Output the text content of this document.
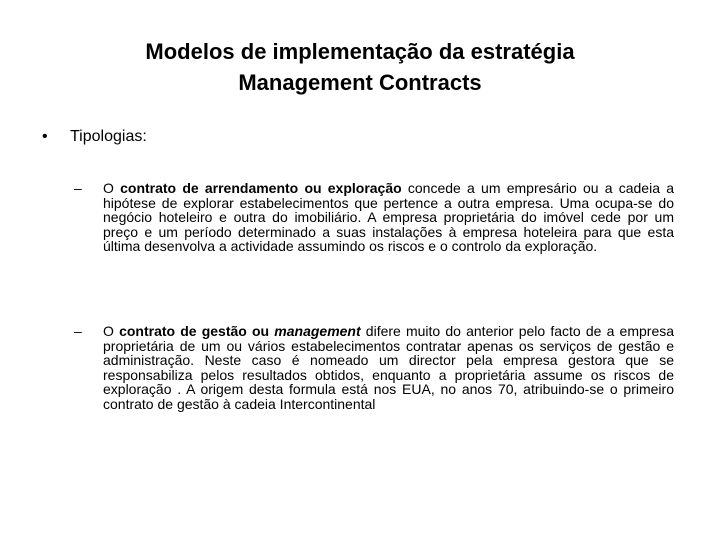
Modelos de implementação da estratégia
Management Contracts
• Tipologias:
– O contrato de arrendamento ou exploração concede a um empresário ou a cadeia a hipótese de explorar estabelecimentos que pertence a outra empresa. Uma ocupa-se do negócio hoteleiro e outra do imobiliário. A empresa proprietária do imóvel cede por um preço e um período determinado a suas instalações à empresa hoteleira para que esta última desenvolva a actividade assumindo os riscos e o controlo da exploração.
– O contrato de gestão ou management difere muito do anterior pelo facto de a empresa proprietária de um ou vários estabelecimentos contratar apenas os serviços de gestão e administração. Neste caso é nomeado um director pela empresa gestora que se responsabiliza pelos resultados obtidos, enquanto a proprietária assume os riscos de exploração . A origem desta formula está nos EUA, no anos 70, atribuindo-se o primeiro contrato de gestão à cadeia Intercontinental
